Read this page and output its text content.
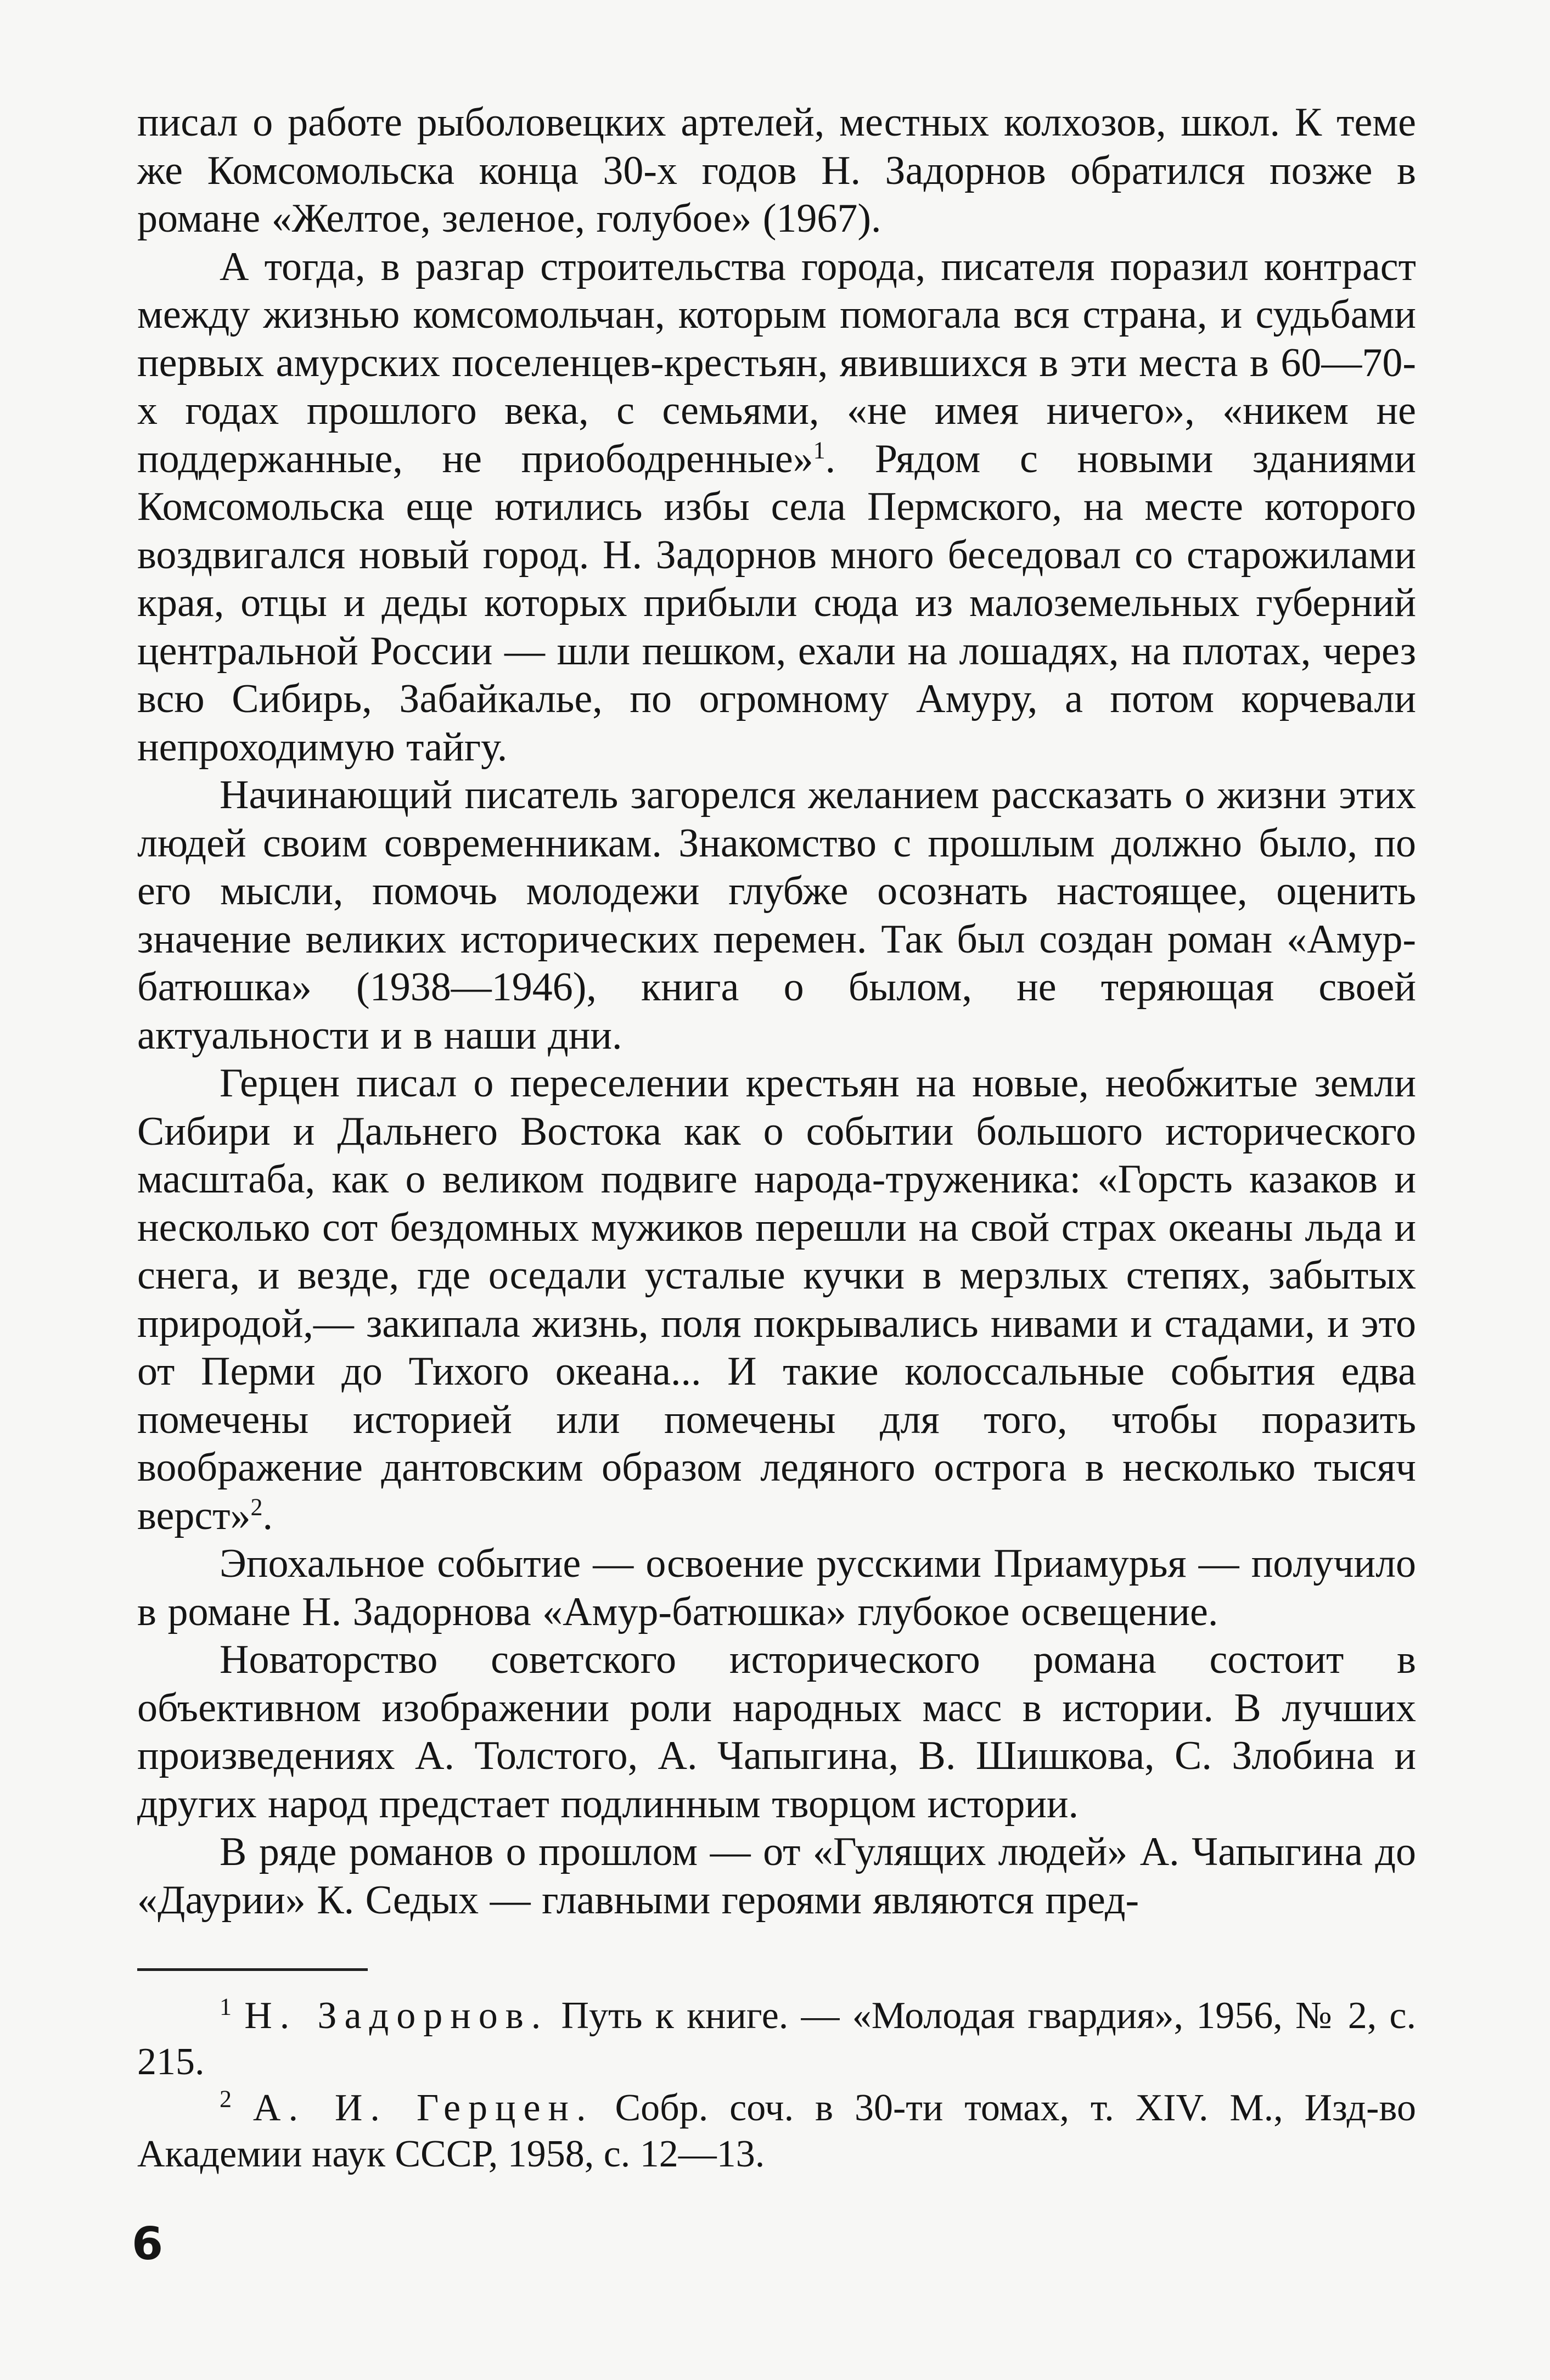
писал о работе рыболовецких артелей, местных колхозов, школ. К теме же Комсомольска конца 30-х годов Н. Задорнов обратился позже в романе «Желтое, зеленое, голубое» (1967).

А тогда, в разгар строительства города, писателя поразил контраст между жизнью комсомольчан, которым помогала вся страна, и судьбами первых амурских поселенцев-крестьян, явившихся в эти места в 60—70-х годах прошлого века, с семьями, «не имея ничего», «никем не поддержанные, не приободренные»$^1$. Рядом с новыми зданиями Комсомольска еще ютились избы села Пермского, на месте которого воздвигался новый город. Н. Задорнов много беседовал со старожилами края, отцы и деды которых прибыли сюда из малоземельных губерний центральной России — шли пешком, ехали на лошадях, на плотах, через всю Сибирь, Забайкалье, по огромному Амуру, а потом корчевали непроходимую тайгу.

Начинающий писатель загорелся желанием рассказать о жизни этих людей своим современникам. Знакомство с прошлым должно было, по его мысли, помочь молодежи глубже осознать настоящее, оценить значение великих исторических перемен. Так был создан роман «Амур-батюшка» (1938—1946), книга о былом, не теряющая своей актуальности и в наши дни.

Герцен писал о переселении крестьян на новые, необжитые земли Сибири и Дальнего Востока как о событии большого исторического масштаба, как о великом подвиге народа-труженика: «Горсть казаков и несколько сот бездомных мужиков перешли на свой страх океаны льда и снега, и везде, где оседали усталые кучки в мерзлых степях, забытых природой,— закипала жизнь, поля покрывались нивами и стадами, и это от Перми до Тихого океана... И такие колоссальные события едва помечены историей или помечены для того, чтобы поразить воображение дантовским образом ледяного острога в несколько тысяч верст»$^2$.

Эпохальное событие — освоение русскими Приамурья — получило в романе Н. Задорнова «Амур-батюшка» глубокое освещение.

Новаторство советского исторического романа состоит в объективном изображении роли народных масс в истории. В лучших произведениях А. Толстого, А. Чапыгина, В. Шишкова, С. Злобина и других народ предстает подлинным творцом истории.

В ряде романов о прошлом — от «Гулящих людей» А. Чапыгина до «Даурии» К. Седых — главными героями являются пред-

$^1$ Н. Задорнов. Путь к книге. — «Молодая гвардия», 1956, № 2, с. 215.

$^2$ А. И. Герцен. Собр. соч. в 30-ти томах, т. XIV. М., Изд-во Академии наук СССР, 1958, с. 12—13.

6
